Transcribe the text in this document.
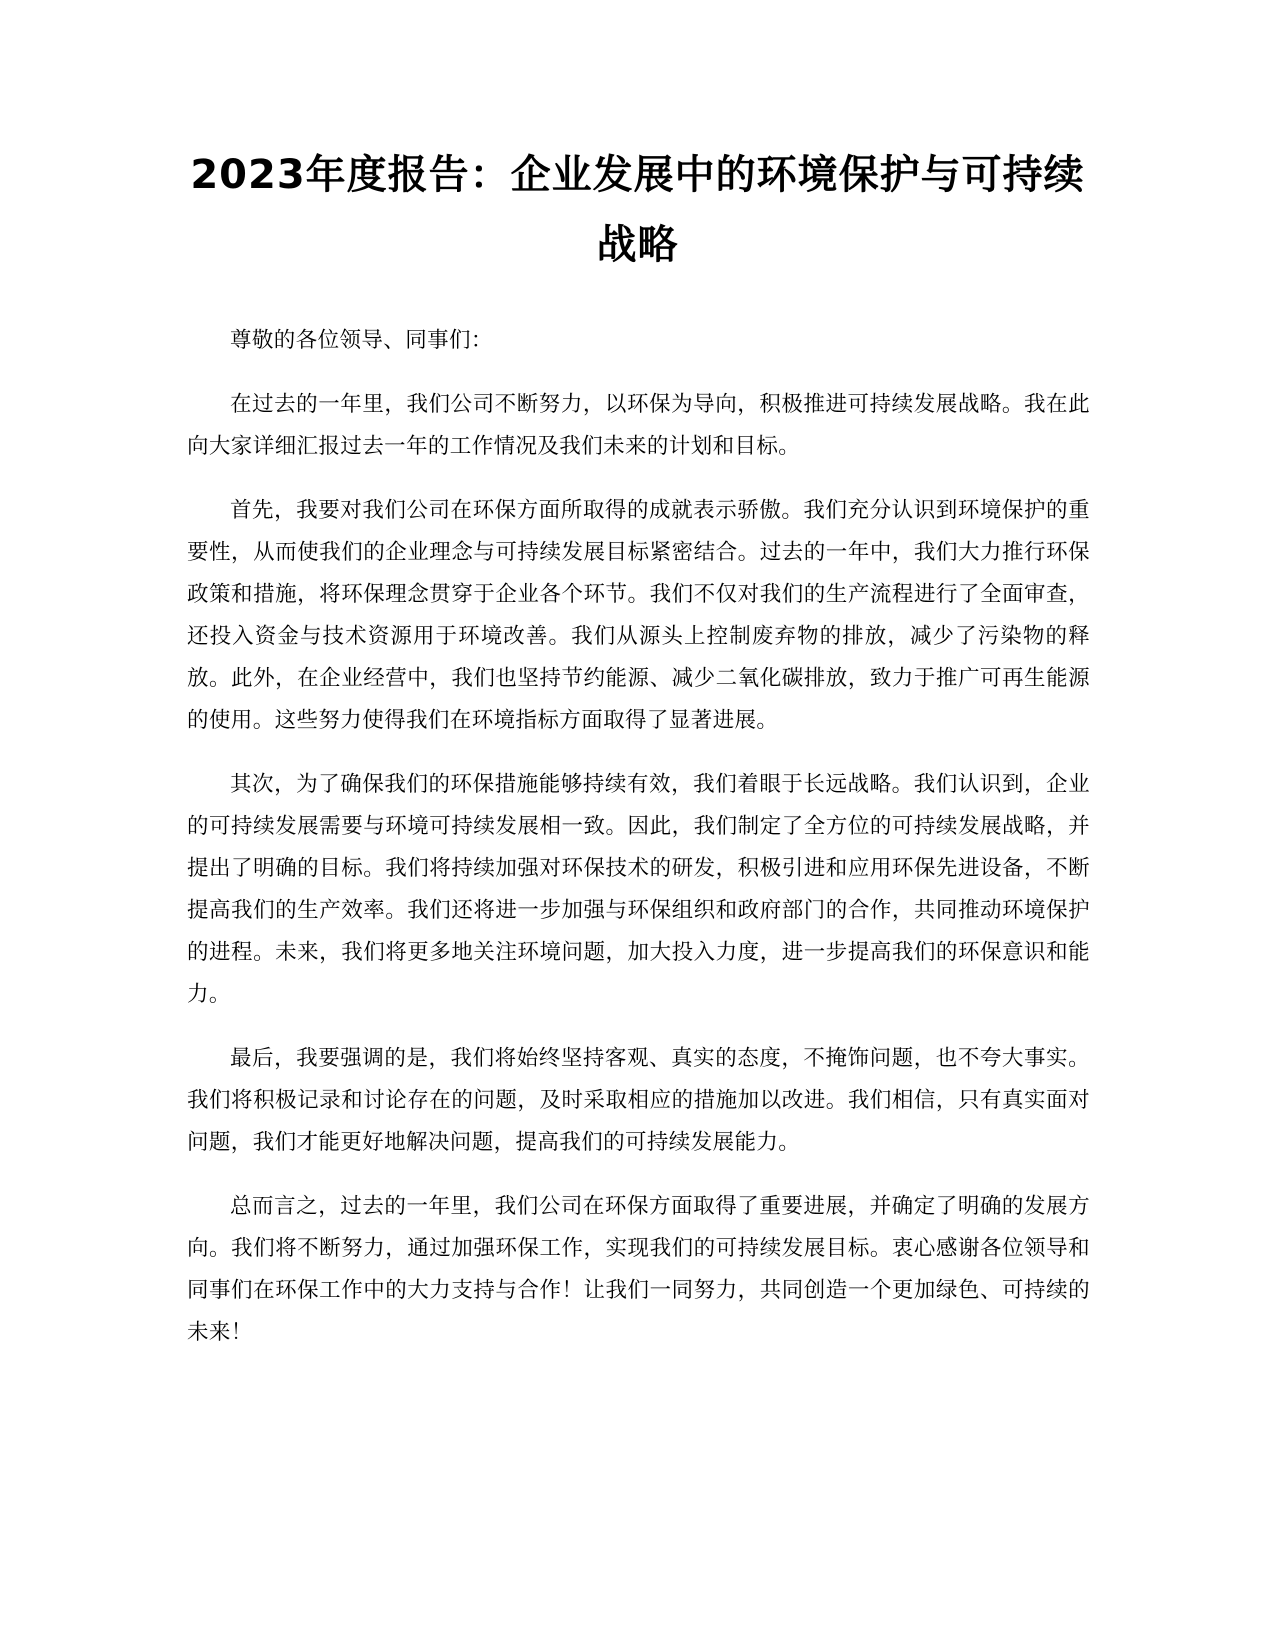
2023年度报告：企业发展中的环境保护与可持续战略

尊敬的各位领导、同事们：

在过去的一年里，我们公司不断努力，以环保为导向，积极推进可持续发展战略。我在此向大家详细汇报过去一年的工作情况及我们未来的计划和目标。

首先，我要对我们公司在环保方面所取得的成就表示骄傲。我们充分认识到环境保护的重要性，从而使我们的企业理念与可持续发展目标紧密结合。过去的一年中，我们大力推行环保政策和措施，将环保理念贯穿于企业各个环节。我们不仅对我们的生产流程进行了全面审查，还投入资金与技术资源用于环境改善。我们从源头上控制废弃物的排放，减少了污染物的释放。此外，在企业经营中，我们也坚持节约能源、减少二氧化碳排放，致力于推广可再生能源的使用。这些努力使得我们在环境指标方面取得了显著进展。

其次，为了确保我们的环保措施能够持续有效，我们着眼于长远战略。我们认识到，企业的可持续发展需要与环境可持续发展相一致。因此，我们制定了全方位的可持续发展战略，并提出了明确的目标。我们将持续加强对环保技术的研发，积极引进和应用环保先进设备，不断提高我们的生产效率。我们还将进一步加强与环保组织和政府部门的合作，共同推动环境保护的进程。未来，我们将更多地关注环境问题，加大投入力度，进一步提高我们的环保意识和能力。

最后，我要强调的是，我们将始终坚持客观、真实的态度，不掩饰问题，也不夸大事实。我们将积极记录和讨论存在的问题，及时采取相应的措施加以改进。我们相信，只有真实面对问题，我们才能更好地解决问题，提高我们的可持续发展能力。

总而言之，过去的一年里，我们公司在环保方面取得了重要进展，并确定了明确的发展方向。我们将不断努力，通过加强环保工作，实现我们的可持续发展目标。衷心感谢各位领导和同事们在环保工作中的大力支持与合作！让我们一同努力，共同创造一个更加绿色、可持续的未来！
